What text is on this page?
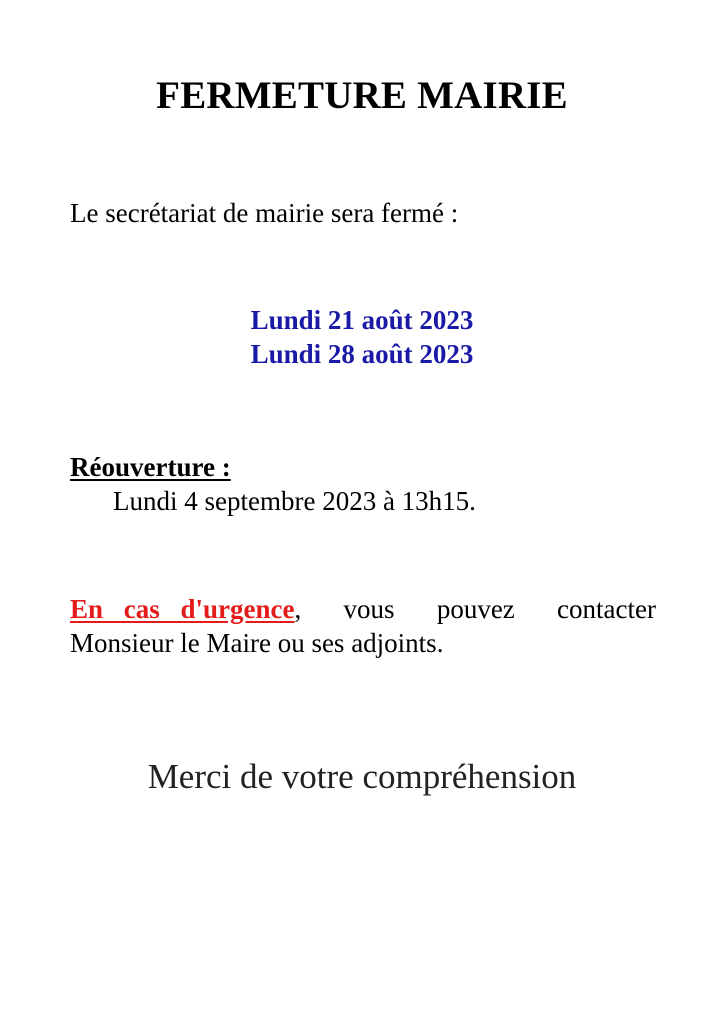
FERMETURE MAIRIE

Le secrétariat de mairie sera fermé :

Lundi 21 août 2023
Lundi 28 août 2023
Réouverture :
Lundi 4 septembre 2023 à 13h15.
En cas d'urgence, vous pouvez contacter
Monsieur le Maire ou ses adjoints.

Merci de votre compréhension
